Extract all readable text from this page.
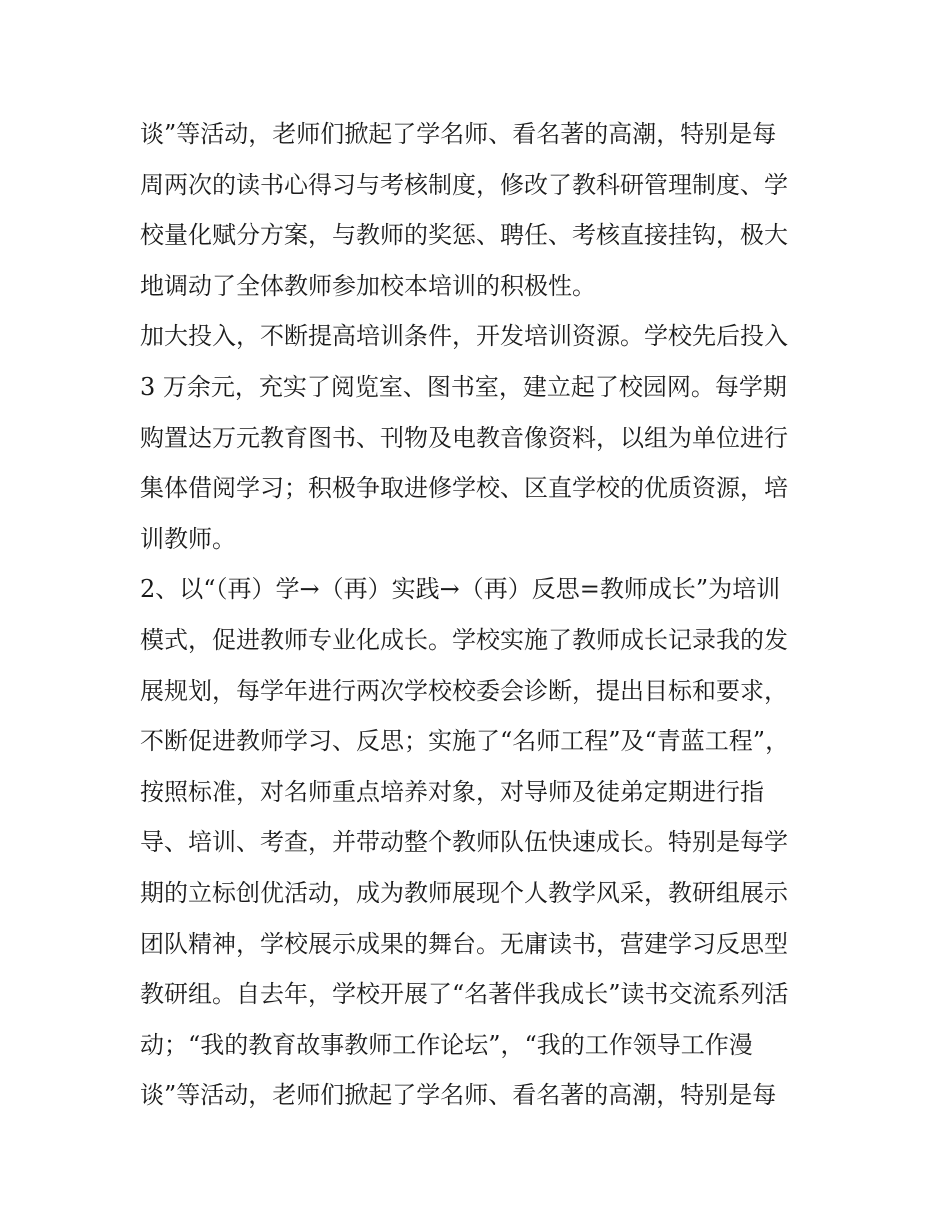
谈”等活动，老师们掀起了学名师、看名著的高潮，特别是每
周两次的读书心得习与考核制度，修改了教科研管理制度、学
校量化赋分方案，与教师的奖惩、聘任、考核直接挂钩，极大
地调动了全体教师参加校本培训的积极性。
加大投入，不断提高培训条件，开发培训资源。学校先后投入
3 万余元，充实了阅览室、图书室，建立起了校园网。每学期
购置达万元教育图书、刊物及电教音像资料，以组为单位进行
集体借阅学习；积极争取进修学校、区直学校的优质资源，培
训教师。
2、以“（再）学→（再）实践→（再）反思=教师成长”为培训
模式，促进教师专业化成长。学校实施了教师成长记录我的发
展规划，每学年进行两次学校校委会诊断，提出目标和要求，
不断促进教师学习、反思；实施了“名师工程”及“青蓝工程”，
按照标准，对名师重点培养对象，对导师及徒弟定期进行指
导、培训、考查，并带动整个教师队伍快速成长。特别是每学
期的立标创优活动，成为教师展现个人教学风采，教研组展示
团队精神，学校展示成果的舞台。无庸读书，营建学习反思型
教研组。自去年，学校开展了“名著伴我成长”读书交流系列活
动；“我的教育故事教师工作论坛”，“我的工作领导工作漫
谈”等活动，老师们掀起了学名师、看名著的高潮，特别是每
